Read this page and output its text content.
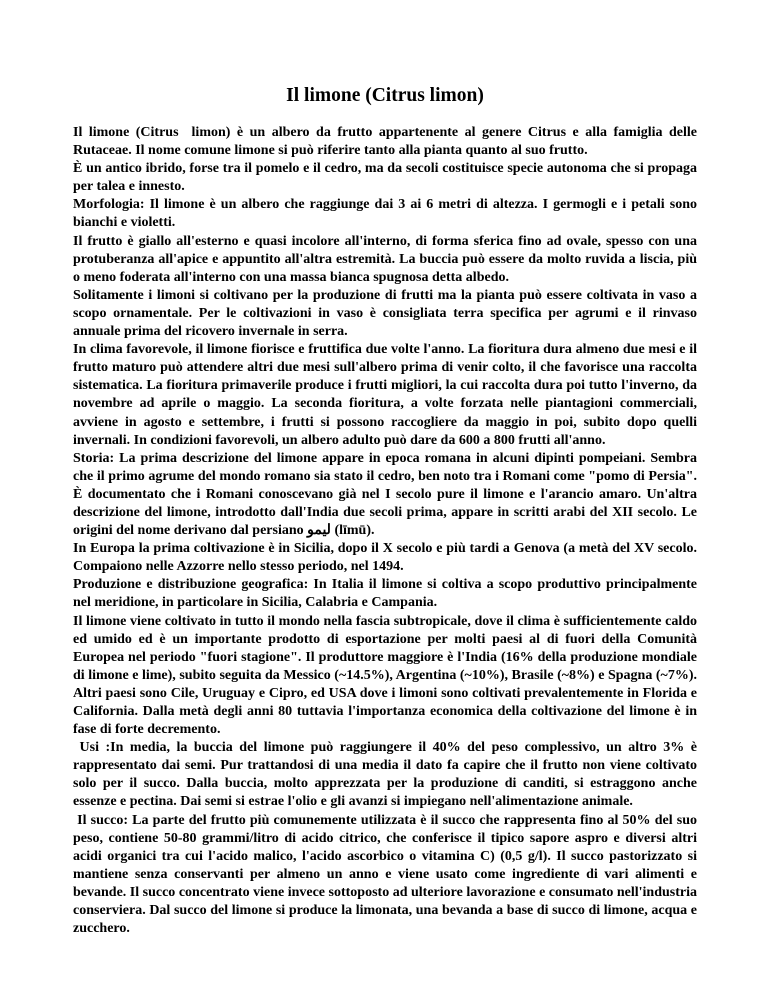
Il limone (Citrus limon)

Il limone (Citrus  limon) è un albero da frutto appartenente al genere Citrus e alla famiglia delle Rutaceae. Il nome comune limone si può riferire tanto alla pianta quanto al suo frutto.

È un antico ibrido, forse tra il pomelo e il cedro, ma da secoli costituisce specie autonoma che si propaga per talea e innesto.

Morfologia: Il limone è un albero che raggiunge dai 3 ai 6 metri di altezza. I germogli e i petali sono bianchi e violetti.

Il frutto è giallo all'esterno e quasi incolore all'interno, di forma sferica fino ad ovale, spesso con una protuberanza all'apice e appuntito all'altra estremità. La buccia può essere da molto ruvida a liscia, più o meno foderata all'interno con una massa bianca spugnosa detta albedo.

Solitamente i limoni si coltivano per la produzione di frutti ma la pianta può essere coltivata in vaso a scopo ornamentale. Per le coltivazioni in vaso è consigliata terra specifica per agrumi e il rinvaso annuale prima del ricovero invernale in serra.

In clima favorevole, il limone fiorisce e fruttifica due volte l'anno. La fioritura dura almeno due mesi e il frutto maturo può attendere altri due mesi sull'albero prima di venir colto, il che favorisce una raccolta sistematica. La fioritura primaverile produce i frutti migliori, la cui raccolta dura poi tutto l'inverno, da novembre ad aprile o maggio. La seconda fioritura, a volte forzata nelle piantagioni commerciali, avviene in agosto e settembre, i frutti si possono raccogliere da maggio in poi, subito dopo quelli invernali. In condizioni favorevoli, un albero adulto può dare da 600 a 800 frutti all'anno.

Storia: La prima descrizione del limone appare in epoca romana in alcuni dipinti pompeiani. Sembra che il primo agrume del mondo romano sia stato il cedro, ben noto tra i Romani come "pomo di Persia". È documentato che i Romani conoscevano già nel I secolo pure il limone e l'arancio amaro. Un'altra descrizione del limone, introdotto dall'India due secoli prima, appare in scritti arabi del XII secolo. Le origini del nome derivano dal persiano لیمو (līmū).

In Europa la prima coltivazione è in Sicilia, dopo il X secolo e più tardi a Genova (a metà del XV secolo. Compaiono nelle Azzorre nello stesso periodo, nel 1494.

Produzione e distribuzione geografica: In Italia il limone si coltiva a scopo produttivo principalmente nel meridione, in particolare in Sicilia, Calabria e Campania.

Il limone viene coltivato in tutto il mondo nella fascia subtropicale, dove il clima è sufficientemente caldo ed umido ed è un importante prodotto di esportazione per molti paesi al di fuori della Comunità Europea nel periodo "fuori stagione". Il produttore maggiore è l'India (16% della produzione mondiale di limone e lime), subito seguita da Messico (~14.5%), Argentina (~10%), Brasile (~8%) e Spagna (~7%). Altri paesi sono Cile, Uruguay e Cipro, ed USA dove i limoni sono coltivati prevalentemente in Florida e California. Dalla metà degli anni 80 tuttavia l'importanza economica della coltivazione del limone è in fase di forte decremento.

Usi :In media, la buccia del limone può raggiungere il 40% del peso complessivo, un altro 3% è rappresentato dai semi. Pur trattandosi di una media il dato fa capire che il frutto non viene coltivato solo per il succo. Dalla buccia, molto apprezzata per la produzione di canditi, si estraggono anche essenze e pectina. Dai semi si estrae l'olio e gli avanzi si impiegano nell'alimentazione animale.

Il succo: La parte del frutto più comunemente utilizzata è il succo che rappresenta fino al 50% del suo peso, contiene 50-80 grammi/litro di acido citrico, che conferisce il tipico sapore aspro e diversi altri acidi organici tra cui l'acido malico, l'acido ascorbico o vitamina C) (0,5 g/l). Il succo pastorizzato si mantiene senza conservanti per almeno un anno e viene usato come ingrediente di vari alimenti e bevande. Il succo concentrato viene invece sottoposto ad ulteriore lavorazione e consumato nell'industria conserviera. Dal succo del limone si produce la limonata, una bevanda a base di succo di limone, acqua e zucchero.
